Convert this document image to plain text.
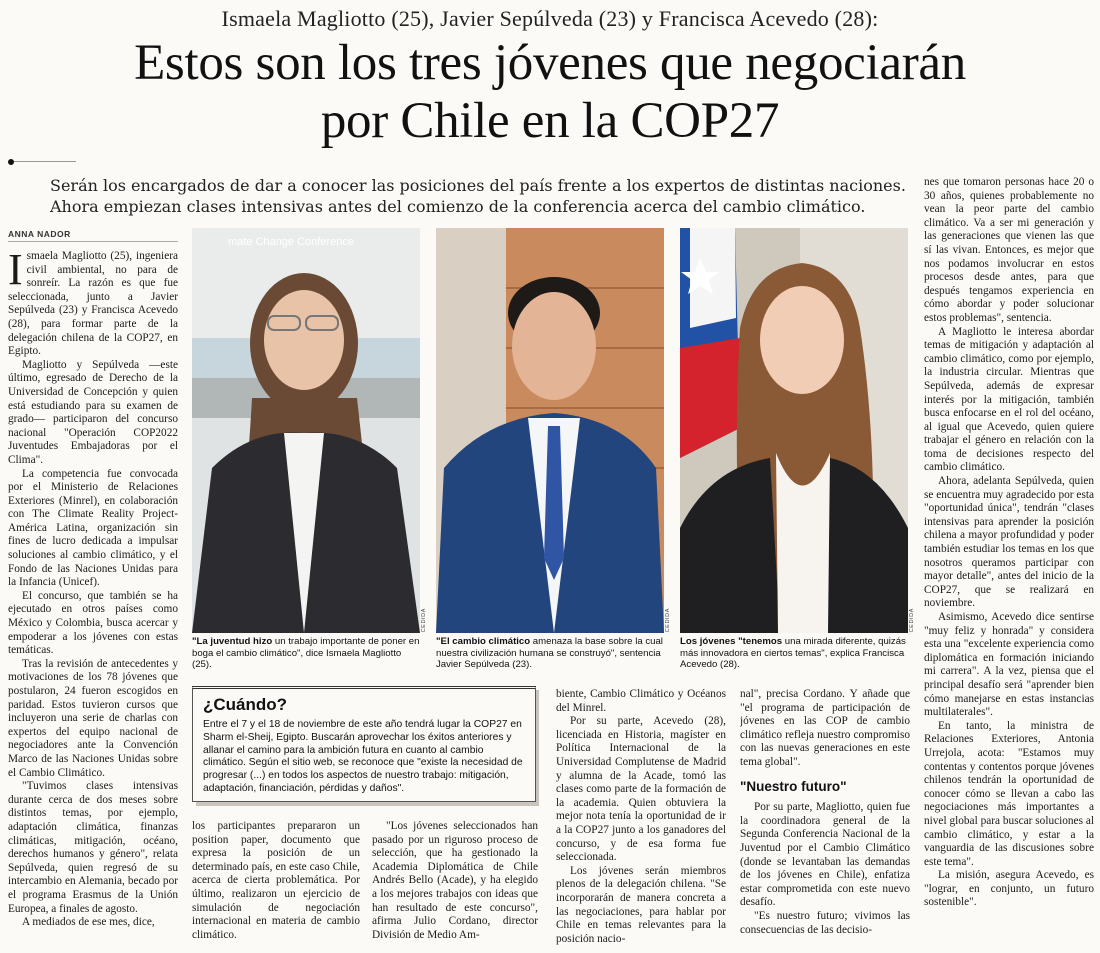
Ismaela Magliotto (25), Javier Sepúlveda (23) y Francisca Acevedo (28):
Estos son los tres jóvenes que negociarán
por Chile en la COP27
Serán los encargados de dar a conocer las posiciones del país frente a los expertos de distintas naciones.
Ahora empiezan clases intensivas antes del comienzo de la conferencia acerca del cambio climático.
ANNA NADOR

Ismaela Magliotto (25), ingeniera civil ambiental, no para de sonreír. La razón es que fue seleccionada, junto a Javier Sepúlveda (23) y Francisca Acevedo (28), para formar parte de la delegación chilena de la COP27, en Egipto.

Magliotto y Sepúlveda —este último, egresado de Derecho de la Universidad de Concepción y quien está estudiando para su examen de grado— participaron del concurso nacional "Operación COP2022 Juventudes Embajadoras por el Clima".

La competencia fue convocada por el Ministerio de Relaciones Exteriores (Minrel), en colaboración con The Climate Reality Project-América Latina, organización sin fines de lucro dedicada a impulsar soluciones al cambio climático, y el Fondo de las Naciones Unidas para la Infancia (Unicef).

El concurso, que también se ha ejecutado en otros países como México y Colombia, busca acercar y empoderar a los jóvenes con estas temáticas.

Tras la revisión de antecedentes y motivaciones de los 78 jóvenes que postularon, 24 fueron escogidos en paridad. Estos tuvieron cursos que incluyeron una serie de charlas con expertos del equipo nacional de negociadores ante la Convención Marco de las Naciones Unidas sobre el Cambio Climático.

"Tuvimos clases intensivas durante cerca de dos meses sobre distintos temas, por ejemplo, adaptación climática, finanzas climáticas, mitigación, océano, derechos humanos y género", relata Sepúlveda, quien regresó de su intercambio en Alemania, becado por el programa Erasmus de la Unión Europea, a finales de agosto.

A mediados de ese mes, dice,

mate Change Conference
CEDIDA	CEDIDA	CEDIDA
"La juventud hizo un trabajo importante de poner en boga el cambio climático", dice Ismaela Magliotto (25).
"El cambio climático amenaza la base sobre la cual nuestra civilización humana se construyó", sentencia Javier Sepúlveda (23).
Los jóvenes "tenemos una mirada diferente, quizás más innovadora en ciertos temas", explica Francisca Acevedo (28).
¿Cuándo?
Entre el 7 y el 18 de noviembre de este año tendrá lugar la COP27 en Sharm el-Sheij, Egipto. Buscarán aprovechar los éxitos anteriores y allanar el camino para la ambición futura en cuanto al cambio climático. Según el sitio web, se reconoce que "existe la necesidad de progresar (...) en todos los aspectos de nuestro trabajo: mitigación, adaptación, financiación, pérdidas y daños".

los participantes prepararon un position paper, documento que expresa la posición de un determinado país, en este caso Chile, acerca de cierta problemática. Por último, realizaron un ejercicio de simulación de negociación internacional en materia de cambio climático.

"Los jóvenes seleccionados han pasado por un riguroso proceso de selección, que ha gestionado la Academia Diplomática de Chile Andrés Bello (Acade), y ha elegido a los mejores trabajos con ideas que han resultado de este concurso", afirma Julio Cordano, director División de Medio Am-

biente, Cambio Climático y Océanos del Minrel.

Por su parte, Acevedo (28), licenciada en Historia, magíster en Política Internacional de la Universidad Complutense de Madrid y alumna de la Acade, tomó las clases como parte de la formación de la academia. Quien obtuviera la mejor nota tenía la oportunidad de ir a la COP27 junto a los ganadores del concurso, y de esa forma fue seleccionada.

Los jóvenes serán miembros plenos de la delegación chilena. "Se incorporarán de manera concreta a las negociaciones, para hablar por Chile en temas relevantes para la posición nacio-

nal", precisa Cordano. Y añade que "el programa de participación de jóvenes en las COP de cambio climático refleja nuestro compromiso con las nuevas generaciones en este tema global".

"Nuestro futuro"

Por su parte, Magliotto, quien fue la coordinadora general de la Segunda Conferencia Nacional de la Juventud por el Cambio Climático (donde se levantaban las demandas de los jóvenes en Chile), enfatiza estar comprometida con este nuevo desafío.

"Es nuestro futuro; vivimos las consecuencias de las decisio-

nes que tomaron personas hace 20 o 30 años, quienes probablemente no vean la peor parte del cambio climático. Va a ser mi generación y las generaciones que vienen las que sí las vivan. Entonces, es mejor que nos podamos involucrar en estos procesos desde antes, para que después tengamos experiencia en cómo abordar y poder solucionar estos problemas", sentencia.

A Magliotto le interesa abordar temas de mitigación y adaptación al cambio climático, como por ejemplo, la industria circular. Mientras que Sepúlveda, además de expresar interés por la mitigación, también busca enfocarse en el rol del océano, al igual que Acevedo, quien quiere trabajar el género en relación con la toma de decisiones respecto del cambio climático.

Ahora, adelanta Sepúlveda, quien se encuentra muy agradecido por esta "oportunidad única", tendrán "clases intensivas para aprender la posición chilena a mayor profundidad y poder también estudiar los temas en los que nosotros queramos participar con mayor detalle", antes del inicio de la COP27, que se realizará en noviembre.

Asimismo, Acevedo dice sentirse "muy feliz y honrada" y considera esta una "excelente experiencia como diplomática en formación iniciando mi carrera". A la vez, piensa que el principal desafío será "aprender bien cómo manejarse en estas instancias multilaterales".

En tanto, la ministra de Relaciones Exteriores, Antonia Urrejola, acota: "Estamos muy contentas y contentos porque jóvenes chilenos tendrán la oportunidad de conocer cómo se llevan a cabo las negociaciones más importantes a nivel global para buscar soluciones al cambio climático, y estar a la vanguardia de las discusiones sobre este tema".

La misión, asegura Acevedo, es "lograr, en conjunto, un futuro sostenible".
